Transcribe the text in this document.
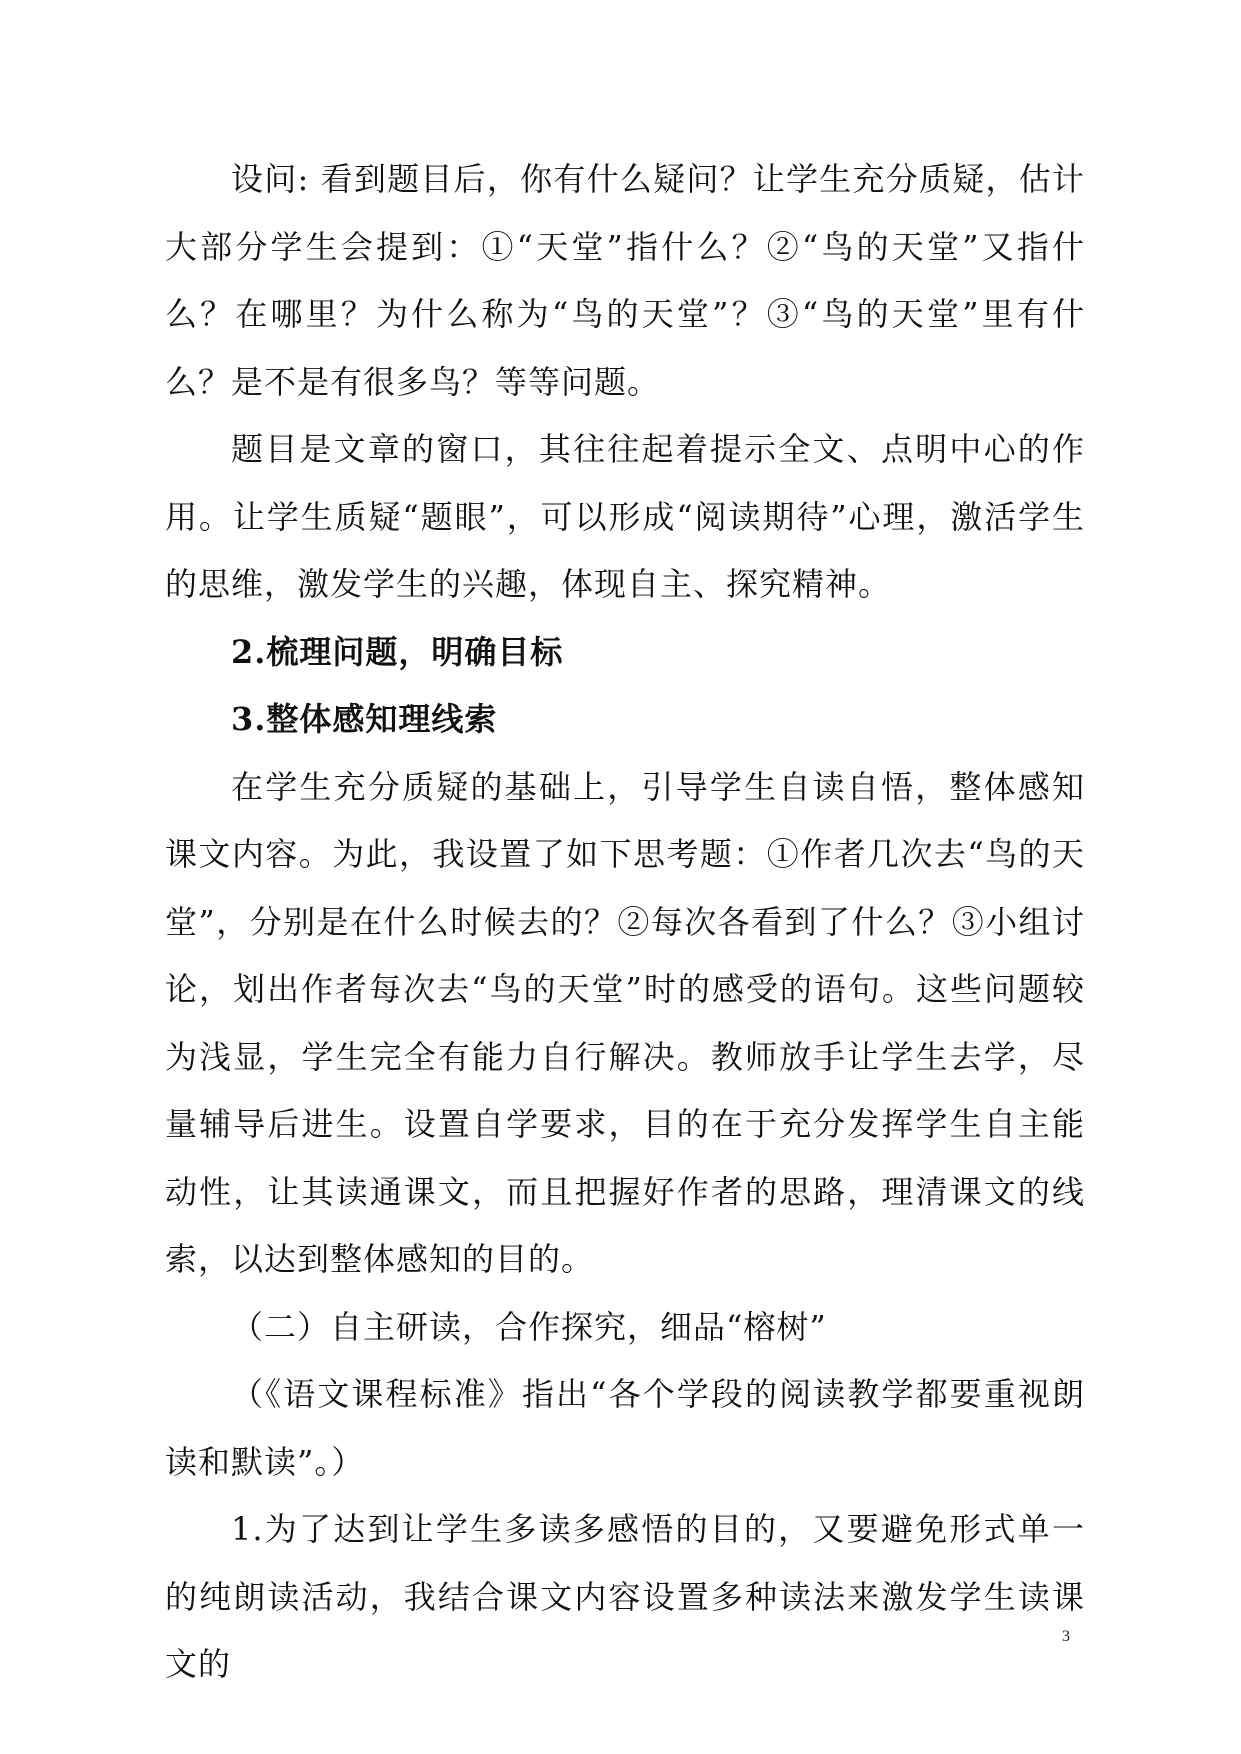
设问: 看到题目后，你有什么疑问？让学生充分质疑，估计大部分学生会提到：①“天堂”指什么？②“鸟的天堂”又指什么？在哪里？为什么称为“鸟的天堂”？③“鸟的天堂”里有什么？是不是有很多鸟？等等问题。

题目是文章的窗口，其往往起着提示全文、点明中心的作用。让学生质疑“题眼”，可以形成“阅读期待”心理，激活学生的思维，激发学生的兴趣，体现自主、探究精神。

2.梳理问题，明确目标

3.整体感知理线索

在学生充分质疑的基础上，引导学生自读自悟，整体感知课文内容。为此，我设置了如下思考题：①作者几次去“鸟的天堂”，分别是在什么时候去的？②每次各看到了什么？③小组讨论，划出作者每次去“鸟的天堂”时的感受的语句。这些问题较为浅显，学生完全有能力自行解决。教师放手让学生去学，尽量辅导后进生。设置自学要求，目的在于充分发挥学生自主能动性，让其读通课文，而且把握好作者的思路，理清课文的线索，以达到整体感知的目的。

（二）自主研读，合作探究，细品“榕树”

（《语文课程标准》指出“各个学段的阅读教学都要重视朗读和默读”。）

1.为了达到让学生多读多感悟的目的，又要避免形式单一的纯朗读活动，我结合课文内容设置多种读法来激发学生读课文的

3
